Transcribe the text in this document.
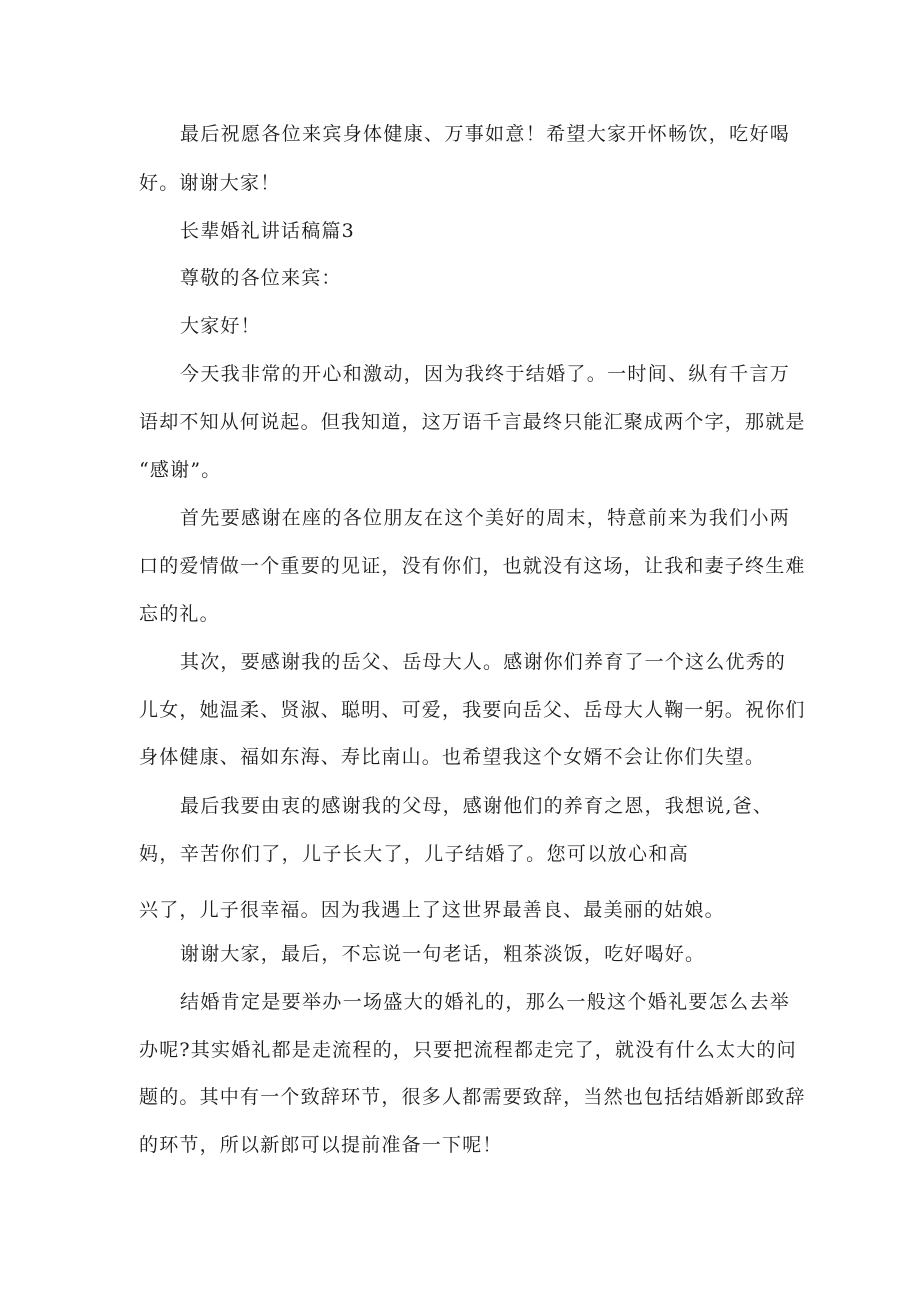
最后祝愿各位来宾身体健康、万事如意！希望大家开怀畅饮，吃好喝
好。谢谢大家！
长辈婚礼讲话稿篇3
尊敬的各位来宾：
大家好！
今天我非常的开心和激动，因为我终于结婚了。一时间、纵有千言万
语却不知从何说起。但我知道，这万语千言最终只能汇聚成两个字，那就是
“感谢”。
首先要感谢在座的各位朋友在这个美好的周末，特意前来为我们小两
口的爱情做一个重要的见证，没有你们，也就没有这场，让我和妻子终生难
忘的礼。
其次，要感谢我的岳父、岳母大人。感谢你们养育了一个这么优秀的
儿女，她温柔、贤淑、聪明、可爱，我要向岳父、岳母大人鞠一躬。祝你们
身体健康、福如东海、寿比南山。也希望我这个女婿不会让你们失望。
最后我要由衷的感谢我的父母，感谢他们的养育之恩，我想说,爸、
妈，辛苦你们了，儿子长大了，儿子结婚了。您可以放心和高
兴了，儿子很幸福。因为我遇上了这世界最善良、最美丽的姑娘。
谢谢大家，最后，不忘说一句老话，粗茶淡饭，吃好喝好。
结婚肯定是要举办一场盛大的婚礼的，那么一般这个婚礼要怎么去举
办呢?其实婚礼都是走流程的，只要把流程都走完了，就没有什么太大的问
题的。其中有一个致辞环节，很多人都需要致辞，当然也包括结婚新郎致辞
的环节，所以新郎可以提前准备一下呢！
